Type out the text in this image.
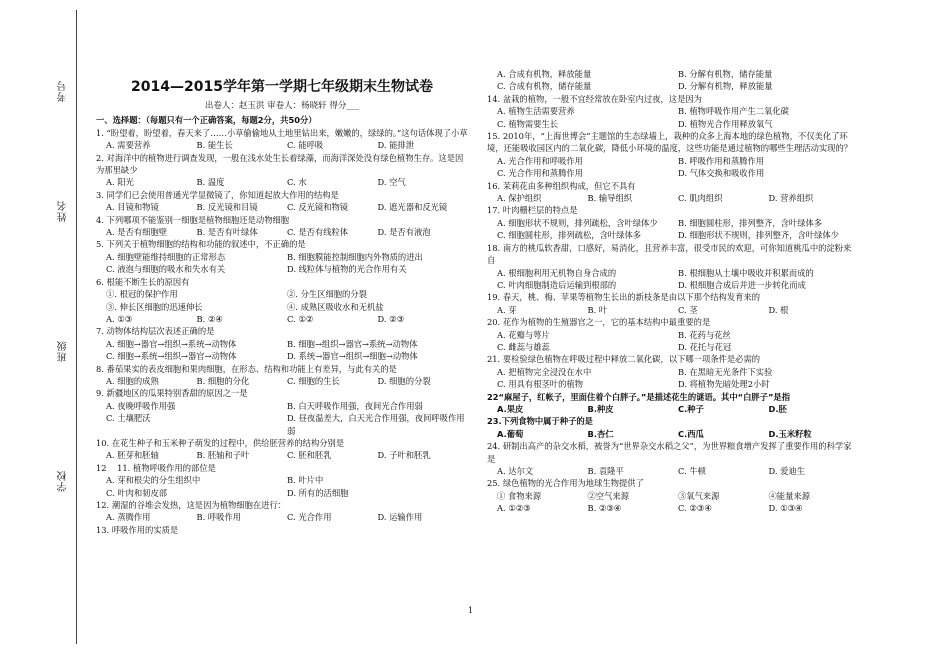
考号
姓名
班级
学校
2014—2015学年第一学期七年级期末生物试卷
出卷人：赵玉洪 审卷人：杨晓轩 得分___
一、选择题：（每题只有一个正确答案，每题2分，共50分）
1. “盼望着，盼望着，春天来了……小草偷偷地从土地里钻出来，嫩嫩的，绿绿的。”这句话体现了小草
A. 需要营养	B. 能生长	C. 能呼吸	D. 能排泄
2. 对海洋中的植物进行调查发现，一般在浅水处生长着绿藻，而海洋深处没有绿色植物生存。这是因为那里缺少
A. 阳光	B. 温度	C. 水	D. 空气
3. 同学们已会使用普通光学显微镜了，你知道起放大作用的结构是
A. 目镜和物镜	B. 反光镜和目镜	C. 反光镜和物镜	D. 遮光器和反光镜
4. 下列哪项不能鉴别一细胞是植物细胞还是动物细胞
A. 是否有细胞壁	B. 是否有叶绿体	C. 是否有线粒体	D. 是否有液泡
5. 下列关于植物细胞的结构和功能的叙述中，不正确的是
A. 细胞壁能维持细胞的正常形态	B. 细胞膜能控制细胞内外物质的进出
C. 液泡与细胞的吸水和失水有关	D. 线粒体与植物的光合作用有关
6. 根能不断生长的原因有
①. 根冠的保护作用	②. 分生区细胞的分裂
③. 伸长区细胞的迅速伸长	④. 成熟区吸收水和无机盐
A. ①③	B. ②④	C. ①②	D. ②③
7. 动物体结构层次表述正确的是
A. 细胞→器官→组织→系统→动物体	B. 细胞→组织→器官→系统→动物体
C. 细胞→系统→组织→器官→动物体	D. 系统→器官→组织→细胞→动物体
8. 番茄果实的表皮细胞和果肉细胞，在形态、结构和功能上有差异，与此有关的是
A. 细胞的成熟	B. 细胞的分化	C. 细胞的生长	D. 细胞的分裂
9. 新疆地区的瓜果特别香甜的原因之一是
A. 夜晚呼吸作用强	B. 白天呼吸作用强，夜间光合作用弱
C. 土壤肥沃	D. 昼夜温差大，白天光合作用强，夜间呼吸作用弱
10. 在花生种子和玉米种子萌发的过程中，供给胚营养的结构分别是
A. 胚芽和胚轴	B. 胚轴和子叶	C. 胚和胚乳	D. 子叶和胚乳
12    11. 植物呼吸作用的部位是
A. 芽和根尖的分生组织中	B. 叶片中
C. 叶肉和韧皮部	D. 所有的活细胞
12. 潮湿的谷堆会发热，这是因为植物细胞在进行：
A. 蒸腾作用	B. 呼吸作用	C. 光合作用	D. 运输作用
13. 呼吸作用的实质是
A. 合成有机物，释放能量	B. 分解有机物，储存能量
C. 合成有机物，储存能量	D. 分解有机物，释放能量
14. 盆栽的植物，一般不宜经常放在卧室内过夜，这是因为
A. 植物生活需要营养	B. 植物呼吸作用产生二氧化碳
C. 植物需要生长	D. 植物光合作用释放氧气
15. 2010年，“上海世博会”主题馆的生态绿墙上，栽种的众多上海本地的绿色植物，不仅美化了环境，还能吸收园区内的二氧化碳，降低小环境的温度，这些功能是通过植物的哪些生理活动实现的？
A. 光合作用和呼吸作用	B. 呼吸作用和蒸腾作用
C. 光合作用和蒸腾作用	D. 气体交换和吸收作用
16. 茉莉花由多种组织构成，但它不具有
A. 保护组织	B. 输导组织	C. 肌肉组织	D. 营养组织
17. 叶肉栅栏层的特点是
A. 细胞形状不规则，排列疏松，含叶绿体少	B. 细胞圆柱形，排列整齐，含叶绿体多
C. 细胞圆柱形，排列疏松，含叶绿体多	D. 细胞形状不规则，排列整齐，含叶绿体少
18. 南方的桃瓜软香甜，口感好，易消化，且营养丰富，很受市民的欢迎，可你知道桃瓜中的淀粉来自
A. 根细胞利用无机物自身合成的	B. 根细胞从土壤中吸收并积累而成的
C. 叶肉细胞制造后运输到根部的	D. 根细胞合成后并进一步转化而成
19. 春天，桃、梅、苹果等植物生长出的新枝条是由以下那个结构发育来的
A. 芽	B. 叶	C. 茎	D. 根
20. 花作为植物的生殖器官之一，它的基本结构中最重要的是
A. 花瓣与萼片	B. 花药与花丝
C. 雌蕊与雄蕊	D. 花托与花冠
21. 要检验绿色植物在呼吸过程中释放二氧化碳，以下哪一项条件是必需的
A. 把植物完全浸没在水中	B. 在黑暗无光条件下实验
C. 用具有根茎叶的植物	D. 将植物先暗处理2小时
22“麻屋子，红帐子，里面住着个白胖子。”是描述花生的谜语。其中“白胖子”是指
A.果皮	B.种皮	C.种子	D.胚
23.下列食物中属于种子的是
A.葡萄	B.杏仁	C.西瓜	D.玉米籽粒
24. 研制出高产的杂交水稻，被誉为“世界杂交水稻之父”，为世界粮食增产发挥了重要作用的科学家是
A. 达尔文	B. 袁隆平	C. 牛顿	D. 爱迪生
25. 绿色植物的光合作用为地球生物提供了
① 食物来源	②空气来源	③氧气来源	④能量来源
A. ①②③	B. ②③④	C. ②③④	D. ①③④
1
